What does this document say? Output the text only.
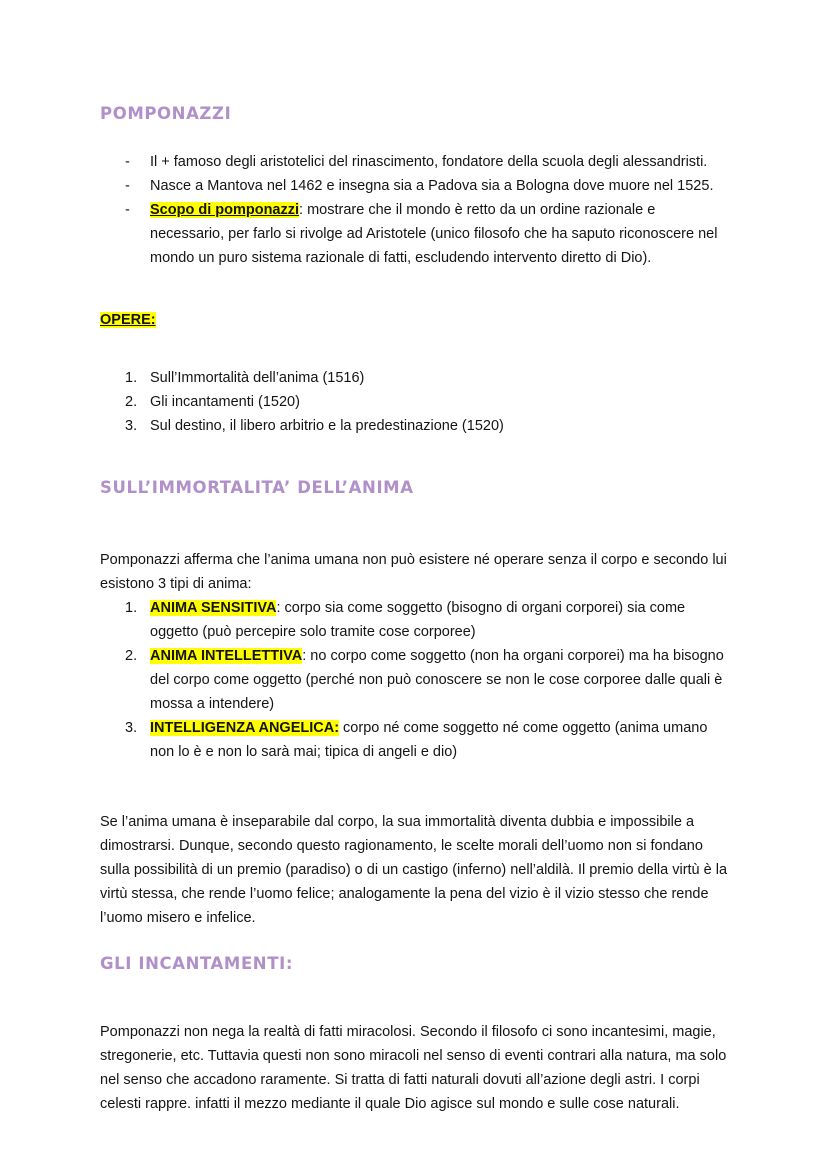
POMPONAZZI
-	Il + famoso degli aristotelici del rinascimento, fondatore della scuola degli alessandristi.
-	Nasce a Mantova nel 1462 e insegna sia a Padova sia a Bologna dove muore nel 1525.
-	Scopo di pomponazzi: mostrare che il mondo è retto da un ordine razionale e necessario, per farlo si rivolge ad Aristotele (unico filosofo che ha saputo riconoscere nel mondo un puro sistema razionale di fatti, escludendo intervento diretto di Dio).
OPERE:
1. Sull’Immortalità dell’anima (1516)
2. Gli incantamenti (1520)
3. Sul destino, il libero arbitrio e la predestinazione (1520)
SULL’IMMORTALITA’ DELL’ANIMA

Pomponazzi afferma che l’anima umana non può esistere né operare senza il corpo e secondo lui esistono 3 tipi di anima:

1. ANIMA SENSITIVA: corpo sia come soggetto (bisogno di organi corporei) sia come oggetto (può percepire solo tramite cose corporee)
2. ANIMA INTELLETTIVA: no corpo come soggetto (non ha organi corporei) ma ha bisogno del corpo come oggetto (perché non può conoscere se non le cose corporee dalle quali è mossa a intendere)
3. INTELLIGENZA ANGELICA: corpo né come soggetto né come oggetto (anima umano non lo è e non lo sarà mai; tipica di angeli e dio)

Se l’anima umana è inseparabile dal corpo, la sua immortalità diventa dubbia e impossibile a dimostrarsi. Dunque, secondo questo ragionamento, le scelte morali dell’uomo non si fondano sulla possibilità di un premio (paradiso) o di un castigo (inferno) nell’aldilà. Il premio della virtù è la virtù stessa, che rende l’uomo felice; analogamente la pena del vizio è il vizio stesso che rende l’uomo misero e infelice.

GLI INCANTAMENTI:

Pomponazzi non nega la realtà di fatti miracolosi. Secondo il filosofo ci sono incantesimi, magie, stregonerie, etc. Tuttavia questi non sono miracoli nel senso di eventi contrari alla natura, ma solo nel senso che accadono raramente. Si tratta di fatti naturali dovuti all’azione degli astri. I corpi celesti rappre. infatti il mezzo mediante il quale Dio agisce sul mondo e sulle cose naturali.
